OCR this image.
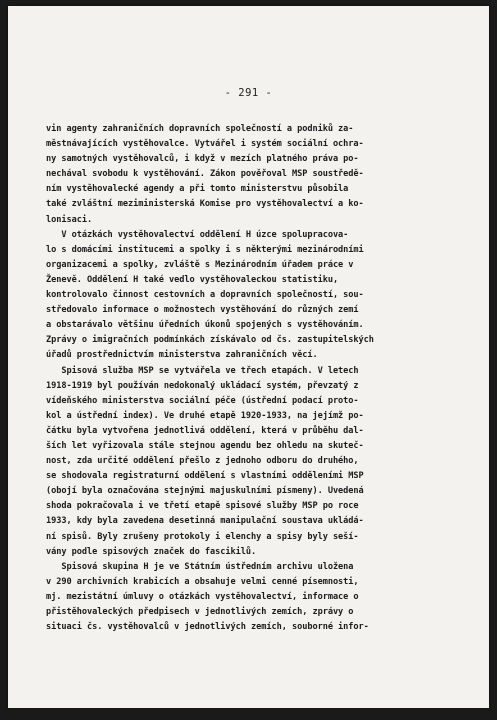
- 291 -
vin agenty zahraničních dopravních společností a podniků za-
městnávajících vystěhovalce. Vytvářel i systém sociální ochra-
ny samotných vystěhovalců, i když v mezích platného práva po-
nechával svobodu k vystěhování. Zákon pověřoval MSP soustředě-
ním vystěhovalecké agendy a při tomto ministerstvu působila
také zvláštní meziministerská Komise pro vystěhovalectví a ko-
lonisaci.
V otázkách vystěhovalectví oddělení H úzce spolupracova-
lo s domácími institucemi a spolky i s některými mezinárodními
organizacemi a spolky, zvláště s Mezinárodním úřadem práce v
Ženevě. Oddělení H také vedlo vystěhovaleckou statistiku,
kontrolovalo činnost cestovních a dopravních společností, sou-
středovalo informace o možnostech vystěhování do různých zemí
a obstarávalo většinu úředních úkonů spojených s vystěhováním.
Zprávy o imigračních podmínkách získávalo od čs. zastupitelských
úřadů prostřednictvím ministerstva zahraničních věcí.
Spisová služba MSP se vytvářela ve třech etapách. V letech
1918-1919 byl používán nedokonalý ukládací systém, převzatý z
vídeňského ministerstva sociální péče (ústřední podací proto-
kol a ústřední index). Ve druhé etapě 1920-1933, na jejímž po-
čátku byla vytvořena jednotlivá oddělení, která v průběhu dal-
ších let vyřizovala stále stejnou agendu bez ohledu na skuteč-
nost, zda určité oddělení přešlo z jednoho odboru do druhého,
se shodovala registraturní oddělení s vlastními odděleními MSP
(obojí byla označována stejnými majuskulními písmeny). Uvedená
shoda pokračovala i ve třetí etapě spisové služby MSP po roce
1933, kdy byla zavedena desetinná manipulační soustava ukládá-
ní spisů. Byly zrušeny protokoly i elenchy a spisy byly seší-
vány podle spisových značek do fascikilů.
Spisová skupina H je ve Státním ústředním archivu uložena
v 290 archivních krabicích a obsahuje velmi cenné písemnosti,
mj. mezistátní úmluvy o otázkách vystěhovalectví, informace o
přistěhovaleckých předpisech v jednotlivých zemích, zprávy o
situaci čs. vystěhovalců v jednotlivých zemích, souborné infor-
